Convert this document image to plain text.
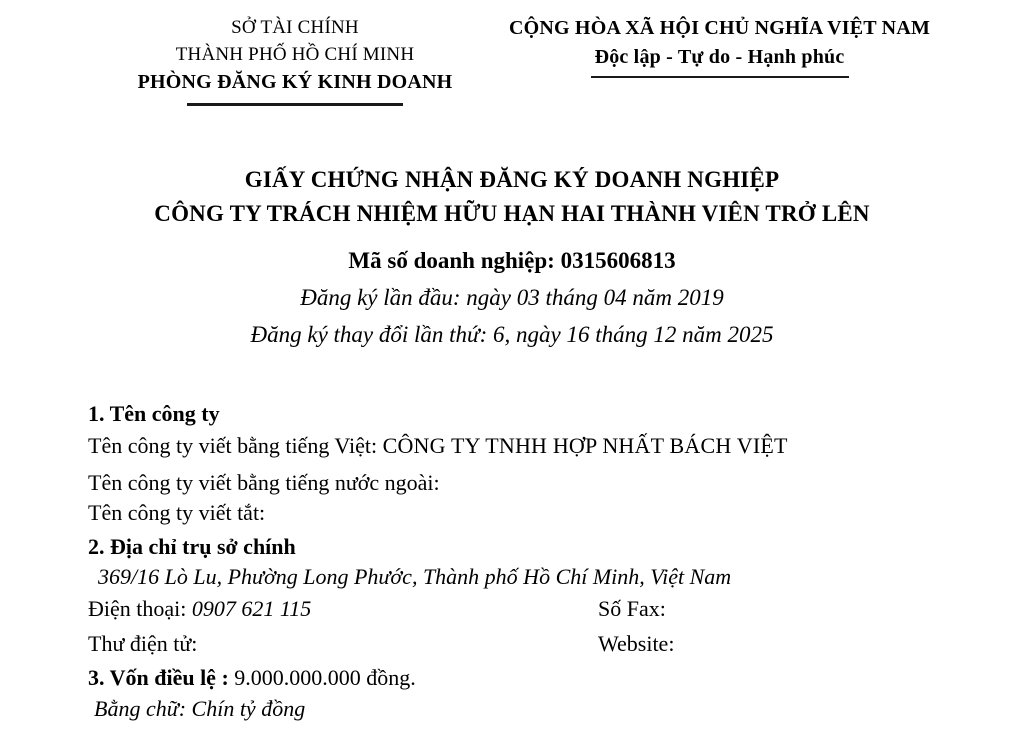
SỞ TÀI CHÍNH
THÀNH PHỐ HỒ CHÍ MINH
PHÒNG ĐĂNG KÝ KINH DOANH
CỘNG HÒA XÃ HỘI CHỦ NGHĨA VIỆT NAM
Độc lập - Tự do - Hạnh phúc
GIẤY CHỨNG NHẬN ĐĂNG KÝ DOANH NGHIỆP
CÔNG TY TRÁCH NHIỆM HỮU HẠN HAI THÀNH VIÊN TRỞ LÊN
Mã số doanh nghiệp: 0315606813
Đăng ký lần đầu: ngày 03 tháng 04 năm 2019
Đăng ký thay đổi lần thứ: 6, ngày 16 tháng 12 năm 2025
1. Tên công ty
Tên công ty viết bằng tiếng Việt: CÔNG TY TNHH HỢP NHẤT BÁCH VIỆT
Tên công ty viết bằng tiếng nước ngoài:
Tên công ty viết tắt:
2. Địa chỉ trụ sở chính
369/16 Lò Lu, Phường Long Phước, Thành phố Hồ Chí Minh, Việt Nam
Điện thoại: 0907 621 115	Số Fax:
Thư điện tử:	Website:
3. Vốn điều lệ : 9.000.000.000 đồng.
Bằng chữ: Chín tỷ đồng
